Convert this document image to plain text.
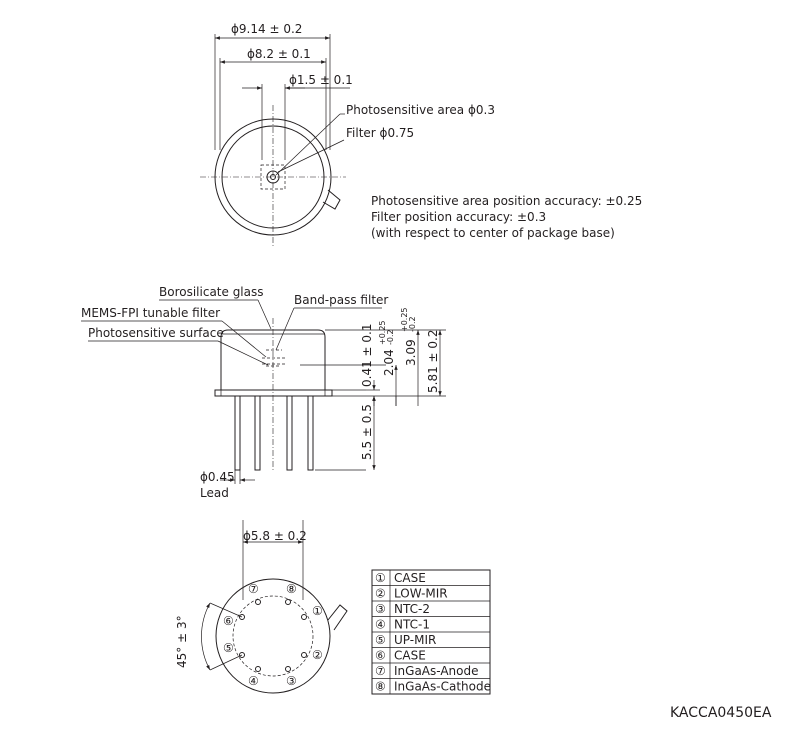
ϕ9.14 ± 0.2
ϕ8.2 ± 0.1
ϕ1.5 ± 0.1
Photosensitive area ϕ0.3
Filter ϕ0.75
Photosensitive area position accuracy: ±0.25
Filter position accuracy: ±0.3
(with respect to center of package base)
Borosilicate glass
Band-pass filter
MEMS-FPI tunable filter
Photosensitive surface	0.41 ± 0.1 2.04
+0.25 -0.2
3.09
+0.25 -0.2
5.81 ± 0.2
5.5 ± 0.5
ϕ0.45
Lead
ϕ5.8 ± 0.2
①
②
③
④
⑤
⑥
⑦ ⑧
45° ± 3°
① CASE
② LOW-MIR
③ NTC-2
④ NTC-1
⑤ UP-MIR
⑥ CASE
⑦ InGaAs-Anode
⑧ InGaAs-Cathode
KACCA0450EA
